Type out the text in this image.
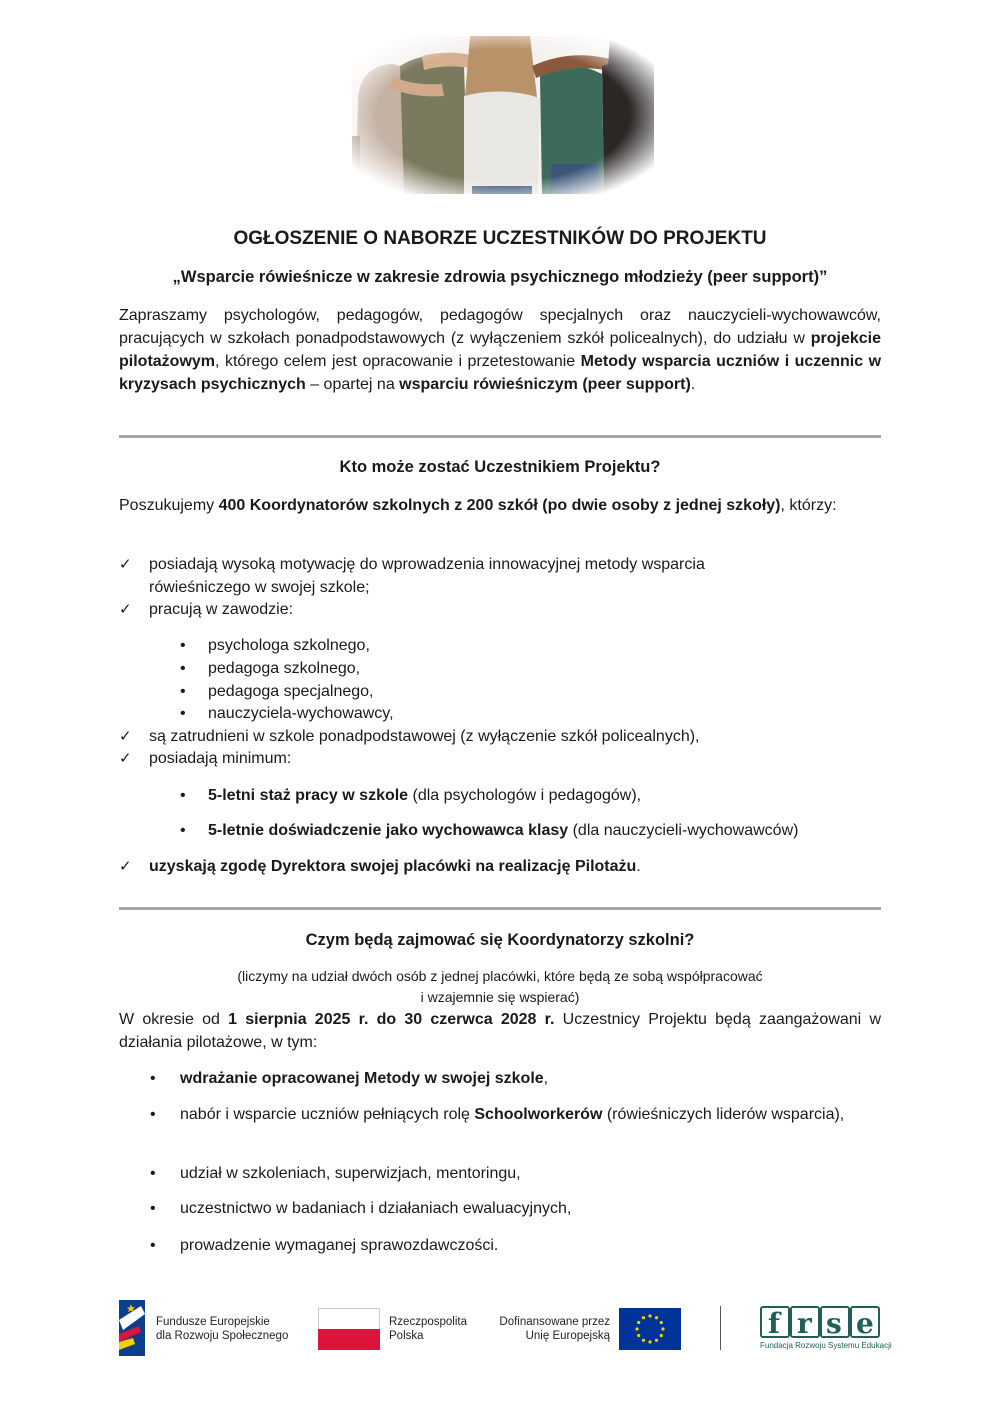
OGŁOSZENIE O NABORZE UCZESTNIKÓW DO PROJEKTU
„Wsparcie rówieśnicze w zakresie zdrowia psychicznego młodzieży (peer support)”
Zapraszamy psychologów, pedagogów, pedagogów specjalnych oraz nauczycieli-wychowawców, pracujących w szkołach ponadpodstawowych (z wyłączeniem szkół policealnych), do udziału w projekcie pilotażowym, którego celem jest opracowanie i przetestowanie Metody wsparcia uczniów i uczennic w kryzysach psychicznych – opartej na wsparciu rówieśniczym (peer support).
Kto może zostać Uczestnikiem Projektu?
Poszukujemy 400 Koordynatorów szkolnych z 200 szkół (po dwie osoby z jednej szkoły), którzy:
✓ posiadają wysoką motywację do wprowadzenia innowacyjnej metody wsparcia rówieśniczego w swojej szkole;
✓ pracują w zawodzie:
• psychologa szkolnego,
• pedagoga szkolnego,
• pedagoga specjalnego,
• nauczyciela-wychowawcy,
✓ są zatrudnieni w szkole ponadpodstawowej (z wyłączenie szkół policealnych),
✓ posiadają minimum:
• 5-letni staż pracy w szkole (dla psychologów i pedagogów),
• 5-letnie doświadczenie jako wychowawca klasy (dla nauczycieli-wychowawców)
✓ uzyskają zgodę Dyrektora swojej placówki na realizację Pilotażu.
Czym będą zajmować się Koordynatorzy szkolni?
(liczymy na udział dwóch osób z jednej placówki, które będą ze sobą współpracować
i wzajemnie się wspierać)
W okresie od 1 sierpnia 2025 r. do 30 czerwca 2028 r. Uczestnicy Projektu będą zaangażowani w działania pilotażowe, w tym:
• wdrażanie opracowanej Metody w swojej szkole,
• nabór i wsparcie uczniów pełniących rolę Schoolworkerów (rówieśniczych liderów wsparcia),
• udział w szkoleniach, superwizjach, mentoringu,
• uczestnictwo w badaniach i działaniach ewaluacyjnych,
• prowadzenie wymaganej sprawozdawczości.
Fundusze Europejskie
dla Rozwoju Społecznego
Rzeczpospolita
Polska
Dofinansowane przez
Unię Europejską	f r s e
Fundacja Rozwoju Systemu Edukacji
